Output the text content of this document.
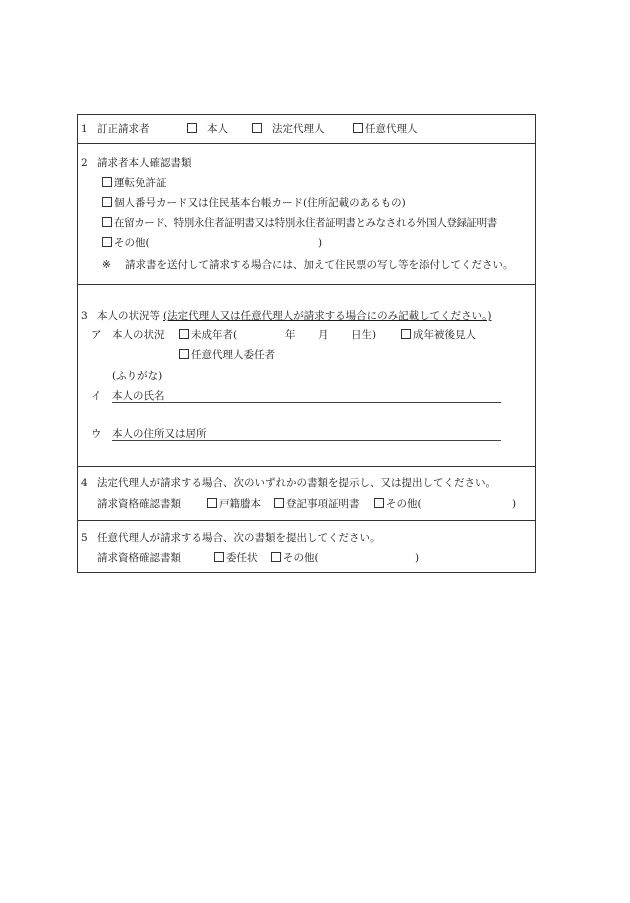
1 訂正請求者	本人	法定代理人	任意代理人
2 請求者本人確認書類
運転免許証
個人番号カード又は住民基本台帳カード(住所記載のあるもの)
在留カード、特別永住者証明書又は特別永住者証明書とみなされる外国人登録証明書
その他(	)
※ 請求書を送付して請求する場合には、加えて住民票の写し等を添付してください。
3 本人の状況等 (法定代理人又は任意代理人が請求する場合にのみ記載してください。)
ア 本人の状況	未成年者(	年 月 日生)	成年被後見人
任意代理人委任者
(ふりがな)
イ 本人の氏名
ウ 本人の住所又は居所
4 法定代理人が請求する場合、次のいずれかの書類を提示し、又は提出してください。
請求資格確認書類	戸籍謄本	登記事項証明書	その他(	)
5 任意代理人が請求する場合、次の書類を提出してください。
請求資格確認書類	委任状	その他(	)
